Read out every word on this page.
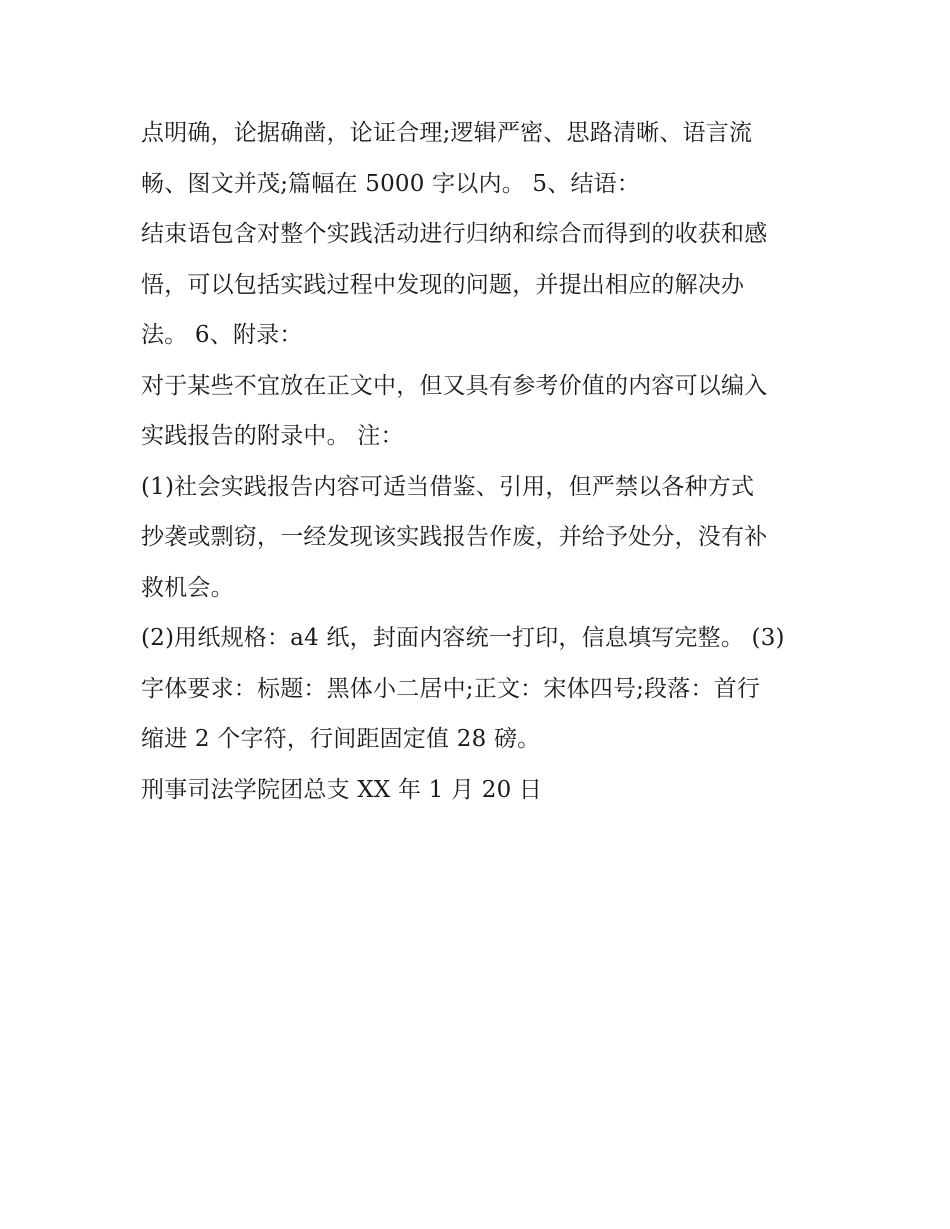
点明确，论据确凿，论证合理;逻辑严密、思路清晰、语言流
畅、图文并茂;篇幅在 5000 字以内。 5、结语：
结束语包含对整个实践活动进行归纳和综合而得到的收获和感
悟，可以包括实践过程中发现的问题，并提出相应的解决办
法。 6、附录：
对于某些不宜放在正文中，但又具有参考价值的内容可以编入
实践报告的附录中。 注：
(1)社会实践报告内容可适当借鉴、引用，但严禁以各种方式
抄袭或剽窃，一经发现该实践报告作废，并给予处分，没有补
救机会。
(2)用纸规格：a4 纸，封面内容统一打印，信息填写完整。 (3)
字体要求：标题：黑体小二居中;正文：宋体四号;段落：首行
缩进 2 个字符，行间距固定值 28 磅。
刑事司法学院团总支 XX 年 1 月 20 日
